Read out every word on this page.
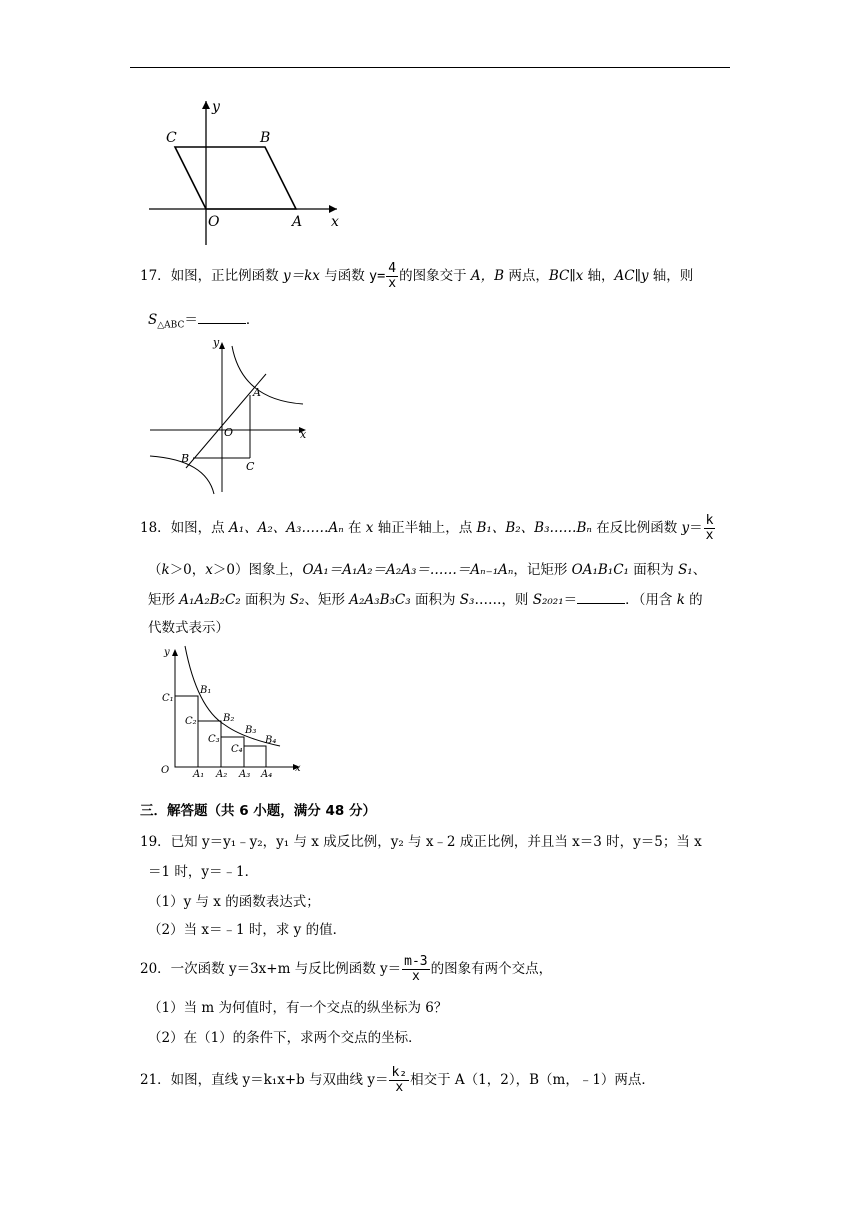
y
x
O	A
B
C
17．如图，正比例函数 y＝kx 与函数 $y= \frac{4}{x}$ 的图象交于 A，B 两点，BC∥x 轴，AC∥y 轴，则
$S_{\triangle ABC}=$	．
y
x
O
A
B
C
18．如图，点 A₁、A₂、A₃……Aₙ 在 x 轴正半轴上，点 B₁、B₂、B₃……Bₙ 在反比例函数 $y= \frac{k}{x}$
（k＞0，x＞0）图象上，OA₁＝A₁A₂＝A₂A₃＝……＝Aₙ₋₁Aₙ，记矩形 OA₁B₁C₁ 面积为 S₁、
矩形 A₁A₂B₂C₂ 面积为 S₂、矩形 A₂A₃B₃C₃ 面积为 S₃……，则 S₂₀₂₁＝	．（用含 k 的
代数式表示）
y
x
O
C₁
C₂
C₃
C₄
B₁
B₂
B₃
B₄
A₁ A₂ A₃ A₄
三．解答题（共 6 小题，满分 48 分）
19．已知 y＝y₁﹣y₂，y₁ 与 x 成反比例，y₂ 与 x﹣2 成正比例，并且当 x＝3 时，y＝5；当 x
＝1 时，y＝﹣1．
（1）y 与 x 的函数表达式；
（2）当 x＝﹣1 时，求 y 的值．
20．一次函数 y＝3x+m 与反比例函数 $y= \frac{m-3}{x}$ 的图象有两个交点，
（1）当 m 为何值时，有一个交点的纵坐标为 6？
（2）在（1）的条件下，求两个交点的坐标．
21．如图，直线 y＝k₁x+b 与双曲线 $y= \frac{\text{k₂}}{x}$ 相交于 A（1，2），B（m，﹣1）两点．
